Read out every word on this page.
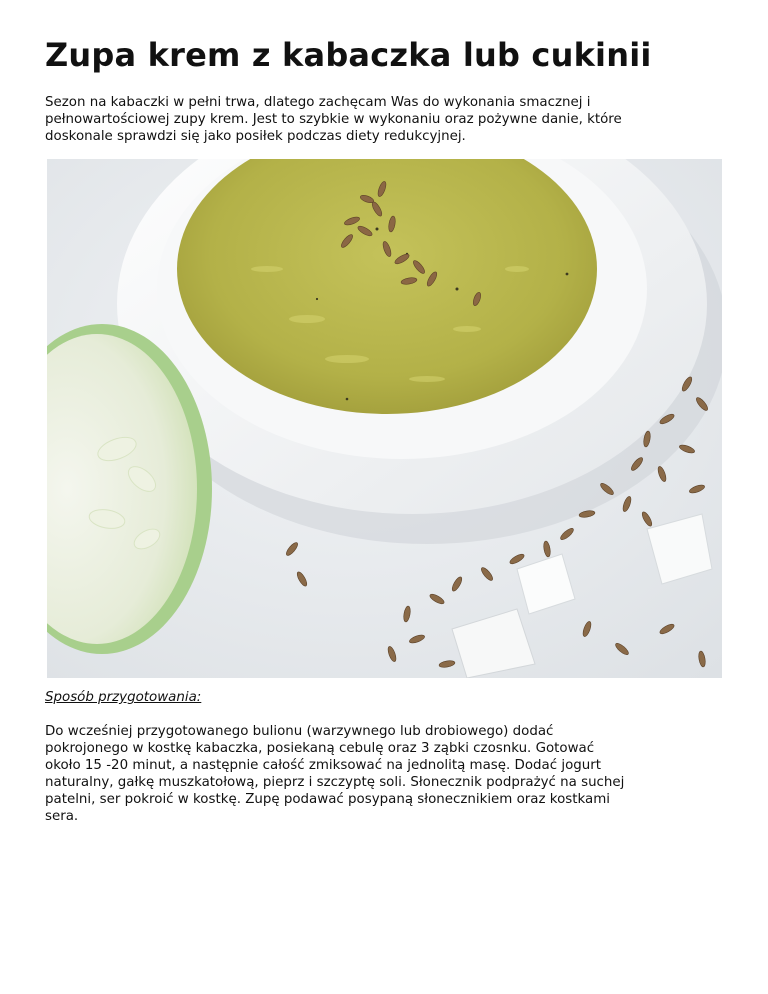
Zupa krem z kabaczka lub cukinii

Sezon na kabaczki w pełni trwa, dlatego zachęcam Was do wykonania smacznej i
pełnowartościowej zupy krem. Jest to szybkie w wykonaniu oraz pożywne danie, które
doskonale sprawdzi się jako posiłek podczas diety redukcyjnej.

Sposób przygotowania:

Do wcześniej przygotowanego bulionu (warzywnego lub drobiowego) dodać
pokrojonego w kostkę kabaczka, posiekaną cebulę oraz 3 ząbki czosnku. Gotować
około 15 -20 minut, a następnie całość zmiksować na jednolitą masę. Dodać jogurt
naturalny, gałkę muszkatołową, pieprz i szczyptę soli. Słonecznik podprażyć na suchej
patelni, ser pokroić w kostkę. Zupę podawać posypaną słonecznikiem oraz kostkami
sera.
